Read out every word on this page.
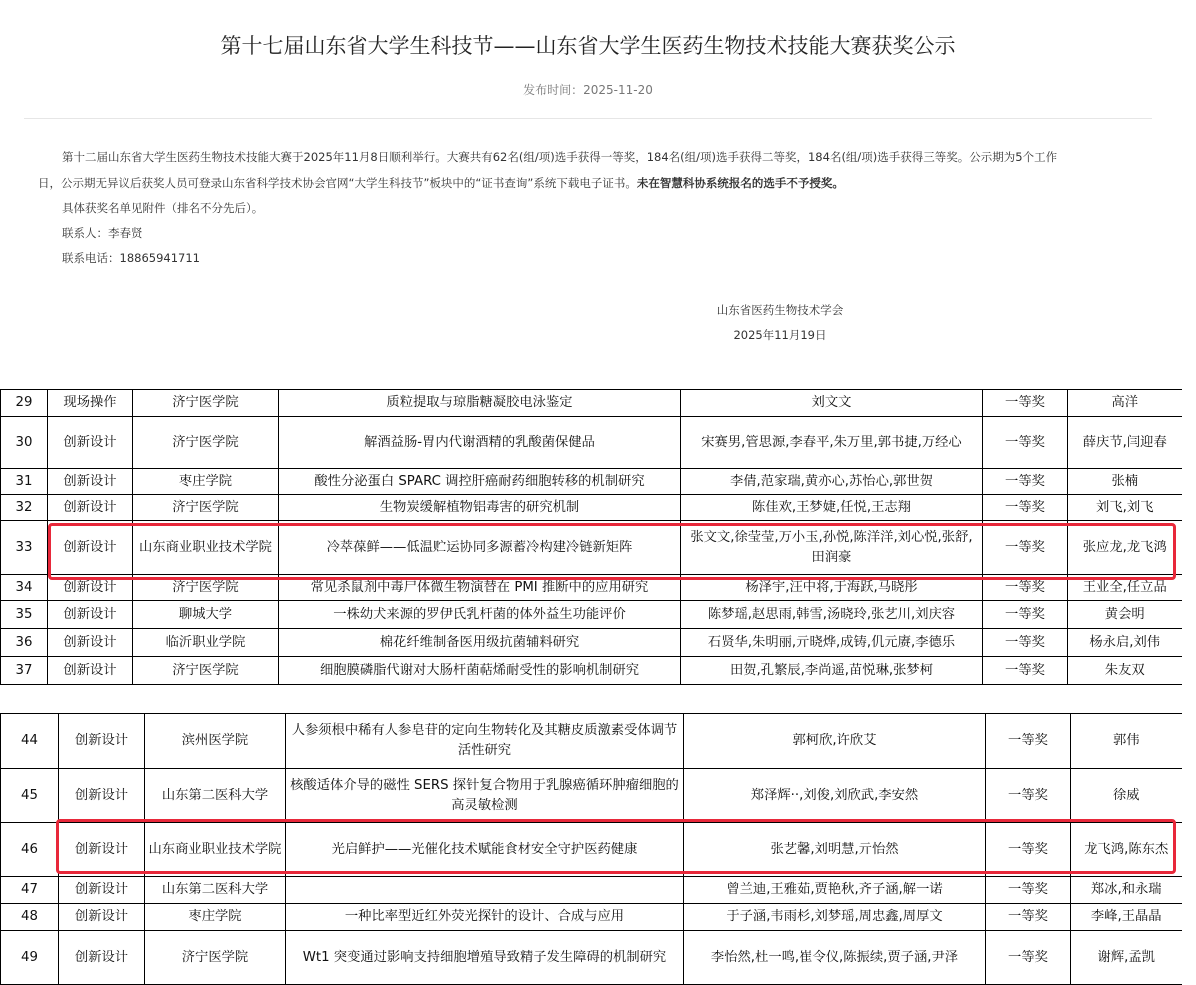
第十七届山东省大学生科技节——山东省大学生医药生物技术技能大赛获奖公示
发布时间：2025-11-20
第十二届山东省大学生医药生物技术技能大赛于2025年11月8日顺利举行。大赛共有62名(组/项)选手获得一等奖，184名(组/项)选手获得二等奖，184名(组/项)选手获得三等奖。公示期为5个工作
日，公示期无异议后获奖人员可登录山东省科学技术协会官网“大学生科技节”板块中的“证书查询”系统下载电子证书。未在智慧科协系统报名的选手不予授奖。
具体获奖名单见附件（排名不分先后）。
联系人：李春贤
联系电话：18865941711
山东省医药生物技术学会
2025年11月19日
29	现场操作	济宁医学院	质粒提取与琼脂糖凝胶电泳鉴定	刘文文	一等奖	高洋
30	创新设计	济宁医学院	解酒益肠-胃内代谢酒精的乳酸菌保健品	宋赛男,管思源,李春平,朱万里,郭书捷,万经心	一等奖	薛庆节,闫迎春
31	创新设计	枣庄学院	酸性分泌蛋白 SPARC 调控肝癌耐药细胞转移的机制研究	李倩,范家瑞,黄亦心,苏怡心,郭世贺	一等奖	张楠
32	创新设计	济宁医学院	生物炭缓解植物铝毒害的研究机制	陈佳欢,王梦婕,任悦,王志翔	一等奖	刘飞,刘飞
33	创新设计	山东商业职业技术学院	冷萃葆鲜——低温贮运协同多源蓄冷构建冷链新矩阵	张文文,徐莹莹,万小玉,孙悦,陈洋洋,刘心悦,张舒,田润豪	一等奖	张应龙,龙飞鸿
34	创新设计	济宁医学院	常见杀鼠剂中毒尸体微生物演替在 PMI 推断中的应用研究	杨泽宇,汪中将,于海跃,马晓彤	一等奖	王业全,任立品
35	创新设计	聊城大学	一株幼犬来源的罗伊氏乳杆菌的体外益生功能评价	陈梦瑶,赵思雨,韩雪,汤晓玲,张艺川,刘庆容	一等奖	黄会明
36	创新设计	临沂职业学院	棉花纤维制备医用级抗菌辅料研究	石贤华,朱明丽,亓晓烨,成铸,仉元赓,李德乐	一等奖	杨永启,刘伟
37	创新设计	济宁医学院	细胞膜磷脂代谢对大肠杆菌萜烯耐受性的影响机制研究	田贺,孔繁辰,李尚遥,苗悦琳,张梦柯	一等奖	朱友双
44	创新设计	滨州医学院	人参须根中稀有人参皂苷的定向生物转化及其糖皮质激素受体调节活性研究	郭柯欣,许欣艾	一等奖	郭伟
45	创新设计	山东第二医科大学	核酸适体介导的磁性 SERS 探针复合物用于乳腺癌循环肿瘤细胞的高灵敏检测	郑泽辉··,刘俊,刘欣武,李安然	一等奖	徐威
46	创新设计	山东商业职业技术学院	光启鲜护——光催化技术赋能食材安全守护医药健康	张艺馨,刘明慧,亓怡然	一等奖	龙飞鸿,陈东杰
47	创新设计	山东第二医科大学		曾兰迪,王雅茹,贾艳秋,齐子涵,解一诺	一等奖	郑冰,和永瑞
48	创新设计	枣庄学院	一种比率型近红外荧光探针的设计、合成与应用	于子涵,韦雨杉,刘梦瑶,周忠鑫,周厚文	一等奖	李峰,王晶晶
49	创新设计	济宁医学院	Wt1 突变通过影响支持细胞增殖导致精子发生障碍的机制研究	李怡然,杜一鸣,崔令仪,陈振续,贾子涵,尹泽	一等奖	谢辉,孟凯
